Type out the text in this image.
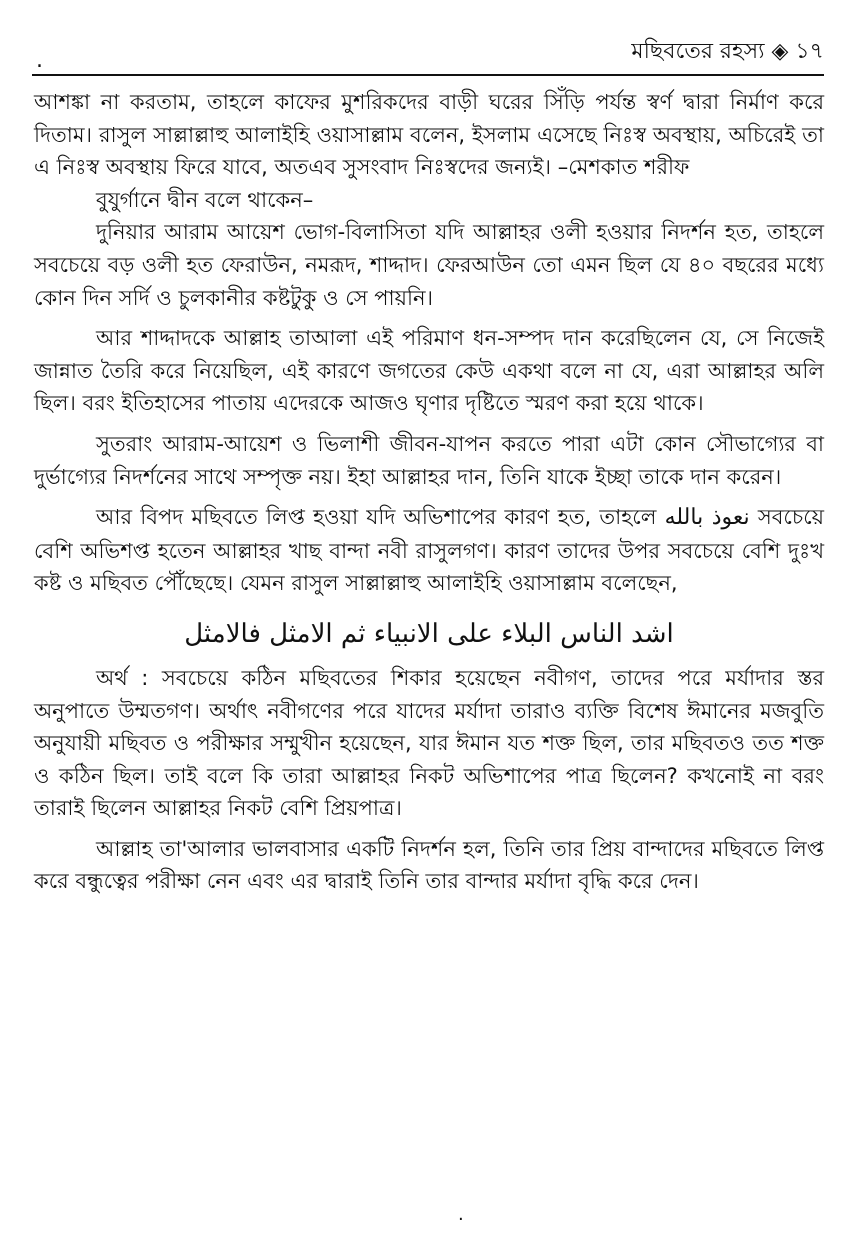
.	মছিবতের রহস্য ◈ ১৭

আশঙ্কা না করতাম, তাহলে কাফের মুশরিকদের বাড়ী ঘরের সিঁড়ি পর্যন্ত স্বর্ণ দ্বারা নির্মাণ করে দিতাম। রাসুল সাল্লাল্লাহু আলাইহি ওয়াসাল্লাম বলেন, ইসলাম এসেছে নিঃস্ব অবস্থায়, অচিরেই তা এ নিঃস্ব অবস্থায় ফিরে যাবে, অতএব সুসংবাদ নিঃস্বদের জন্যই। –মেশকাত শরীফ

বুযুর্গানে দ্বীন বলে থাকেন–

দুনিয়ার আরাম আয়েশ ভোগ-বিলাসিতা যদি আল্লাহর ওলী হওয়ার নিদর্শন হত, তাহলে সবচেয়ে বড় ওলী হত ফেরাউন, নমরূদ, শাদ্দাদ। ফেরআউন তো এমন ছিল যে ৪০ বছরের মধ্যে কোন দিন সর্দি ও চুলকানীর কষ্টটুকু ও সে পায়নি।

আর শাদ্দাদকে আল্লাহ তাআলা এই পরিমাণ ধন-সম্পদ দান করেছিলেন যে, সে নিজেই জান্নাত তৈরি করে নিয়েছিল, এই কারণে জগতের কেউ একথা বলে না যে, এরা আল্লাহর অলি ছিল। বরং ইতিহাসের পাতায় এদেরকে আজও ঘৃণার দৃষ্টিতে স্মরণ করা হয়ে থাকে।

সুতরাং আরাম-আয়েশ ও ভিলাশী জীবন-যাপন করতে পারা এটা কোন সৌভাগ্যের বা দুর্ভাগ্যের নিদর্শনের সাথে সম্পৃক্ত নয়। ইহা আল্লাহর দান, তিনি যাকে ইচ্ছা তাকে দান করেন।

আর বিপদ মছিবতে লিপ্ত হওয়া যদি অভিশাপের কারণ হত, তাহলে نعوذ بالله সবচেয়ে বেশি অভিশপ্ত হতেন আল্লাহর খাছ বান্দা নবী রাসুলগণ। কারণ তাদের উপর সবচেয়ে বেশি দুঃখ কষ্ট ও মছিবত পৌঁছেছে। যেমন রাসুল সাল্লাল্লাহু আলাইহি ওয়াসাল্লাম বলেছেন,

اشد الناس البلاء على الانبياء ثم الامثل فالامثل

অর্থ : সবচেয়ে কঠিন মছিবতের শিকার হয়েছেন নবীগণ, তাদের পরে মর্যাদার স্তর অনুপাতে উম্মতগণ। অর্থাৎ নবীগণের পরে যাদের মর্যাদা তারাও ব্যক্তি বিশেষ ঈমানের মজবুতি অনুযায়ী মছিবত ও পরীক্ষার সম্মুখীন হয়েছেন, যার ঈমান যত শক্ত ছিল, তার মছিবতও তত শক্ত ও কঠিন ছিল। তাই বলে কি তারা আল্লাহর নিকট অভিশাপের পাত্র ছিলেন? কখনোই না বরং তারাই ছিলেন আল্লাহর নিকট বেশি প্রিয়পাত্র।

আল্লাহ তা'আলার ভালবাসার একটি নিদর্শন হল, তিনি তার প্রিয় বান্দাদের মছিবতে লিপ্ত করে বন্ধুত্বের পরীক্ষা নেন এবং এর দ্বারাই তিনি তার বান্দার মর্যাদা বৃদ্ধি করে দেন।

.
